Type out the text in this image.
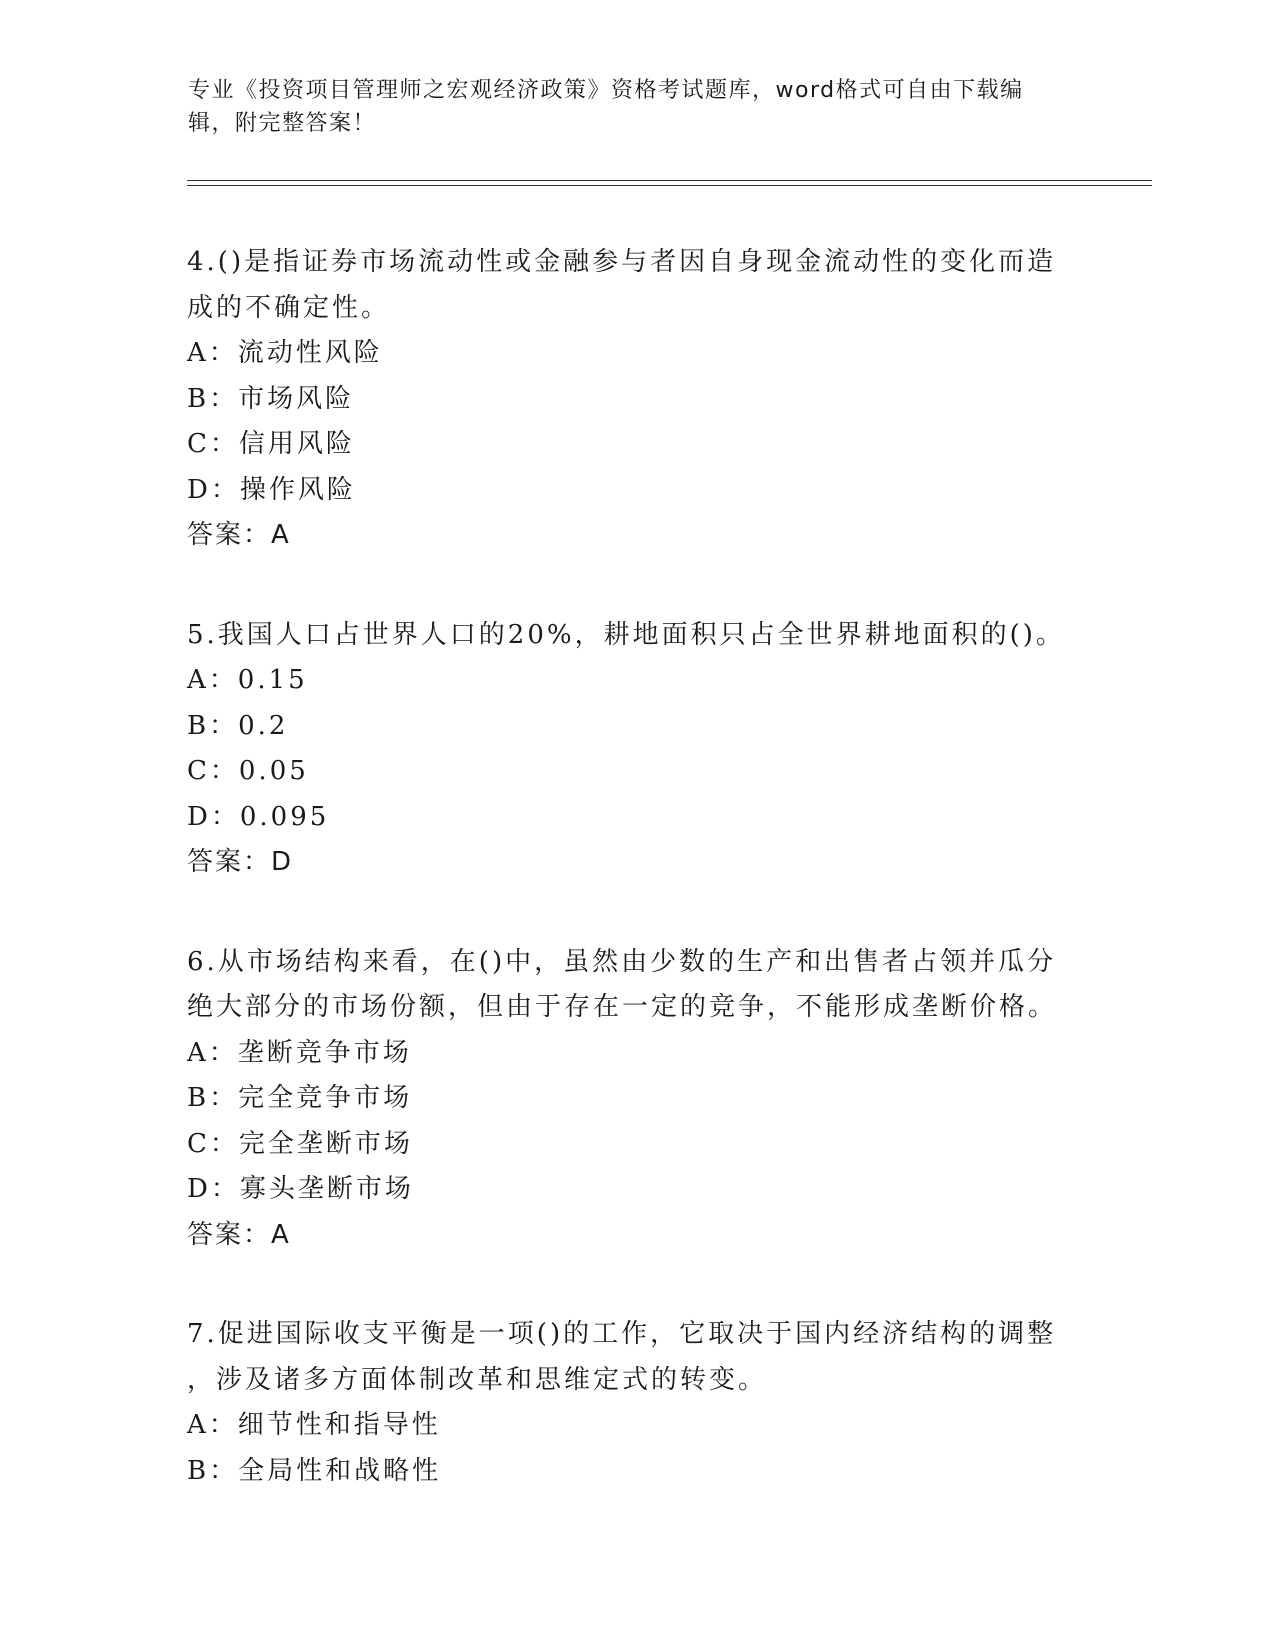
专业《投资项目管理师之宏观经济政策》资格考试题库，word格式可自由下载编
辑，附完整答案！

4.()是指证券市场流动性或金融参与者因自身现金流动性的变化而造

成的不确定性。

A：流动性风险

B：市场风险

C：信用风险

D：操作风险

答案：A

5.我国人口占世界人口的20%，耕地面积只占全世界耕地面积的()。

A：0.15

B：0.2

C：0.05

D：0.095

答案：D

6.从市场结构来看，在()中，虽然由少数的生产和出售者占领并瓜分

绝大部分的市场份额，但由于存在一定的竞争，不能形成垄断价格。

A：垄断竞争市场

B：完全竞争市场

C：完全垄断市场

D：寡头垄断市场

答案：A

7.促进国际收支平衡是一项()的工作，它取决于国内经济结构的调整

，涉及诸多方面体制改革和思维定式的转变。

A：细节性和指导性

B：全局性和战略性
